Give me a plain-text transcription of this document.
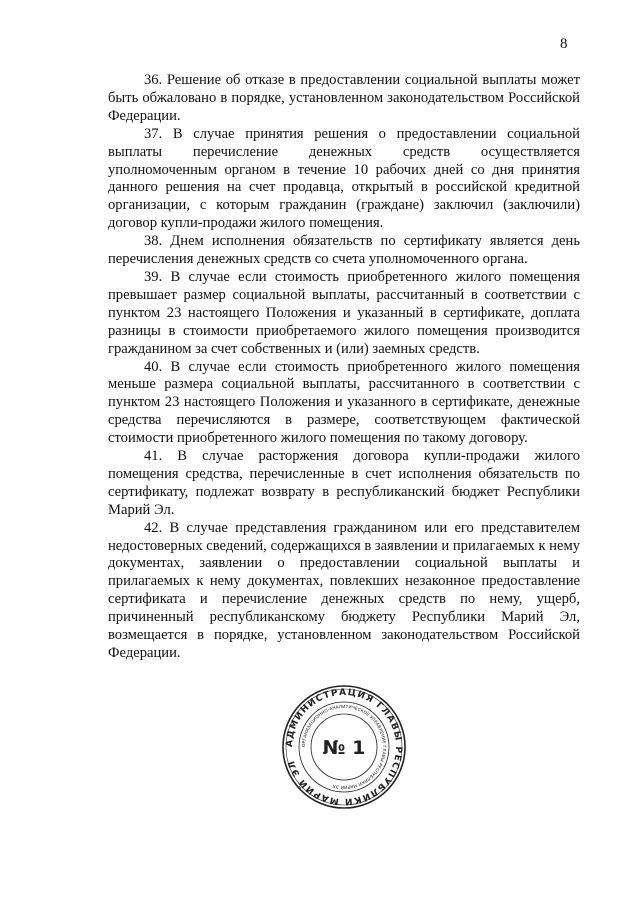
8

36. Решение об отказе в предоставлении социальной выплаты может быть обжаловано в порядке, установленном законодательством Российской Федерации.

37. В случае принятия решения о предоставлении социальной выплаты перечисление денежных средств осуществляется уполномоченным органом в течение 10 рабочих дней со дня принятия данного решения на счет продавца, открытый в российской кредитной организации, с которым гражданин (граждане) заключил (заключили) договор купли-продажи жилого помещения.

38. Днем исполнения обязательств по сертификату является день перечисления денежных средств со счета уполномоченного органа.

39. В случае если стоимость приобретенного жилого помещения превышает размер социальной выплаты, рассчитанный в соответствии с пунктом 23 настоящего Положения и указанный в сертификате, доплата разницы в стоимости приобретаемого жилого помещения производится гражданином за счет собственных и (или) заемных средств.

40. В случае если стоимость приобретенного жилого помещения меньше размера социальной выплаты, рассчитанного в соответствии с пунктом 23 настоящего Положения и указанного в сертификате, денежные средства перечисляются в размере, соответствующем фактической стоимости приобретенного жилого помещения по такому договору.

41. В случае расторжения договора купли-продажи жилого помещения средства, перечисленные в счет исполнения обязательств по сертификату, подлежат возврату в республиканский бюджет Республики Марий Эл.

42. В случае представления гражданином или его представителем недостоверных сведений, содержащихся в заявлении и прилагаемых к нему документах, заявлении о предоставлении социальной выплаты и прилагаемых к нему документах, повлекших незаконное предоставление сертификата и перечисление денежных средств по нему, ущерб, причиненный республиканскому бюджету Республики Марий Эл, возмещается в порядке, установленном законодательством Российской Федерации.

АДМИНИСТРАЦИЯ ГЛАВЫ РЕСПУБЛИКИ МАРИЙ ЭЛ
ОРГАНИЗАЦИОННО-АНАЛИТИЧЕСКОЕ УПРАВЛЕНИЕ ГЛАВЫ РЕСПУБЛИКИ МАРИЙ ЭЛ
№ 1
